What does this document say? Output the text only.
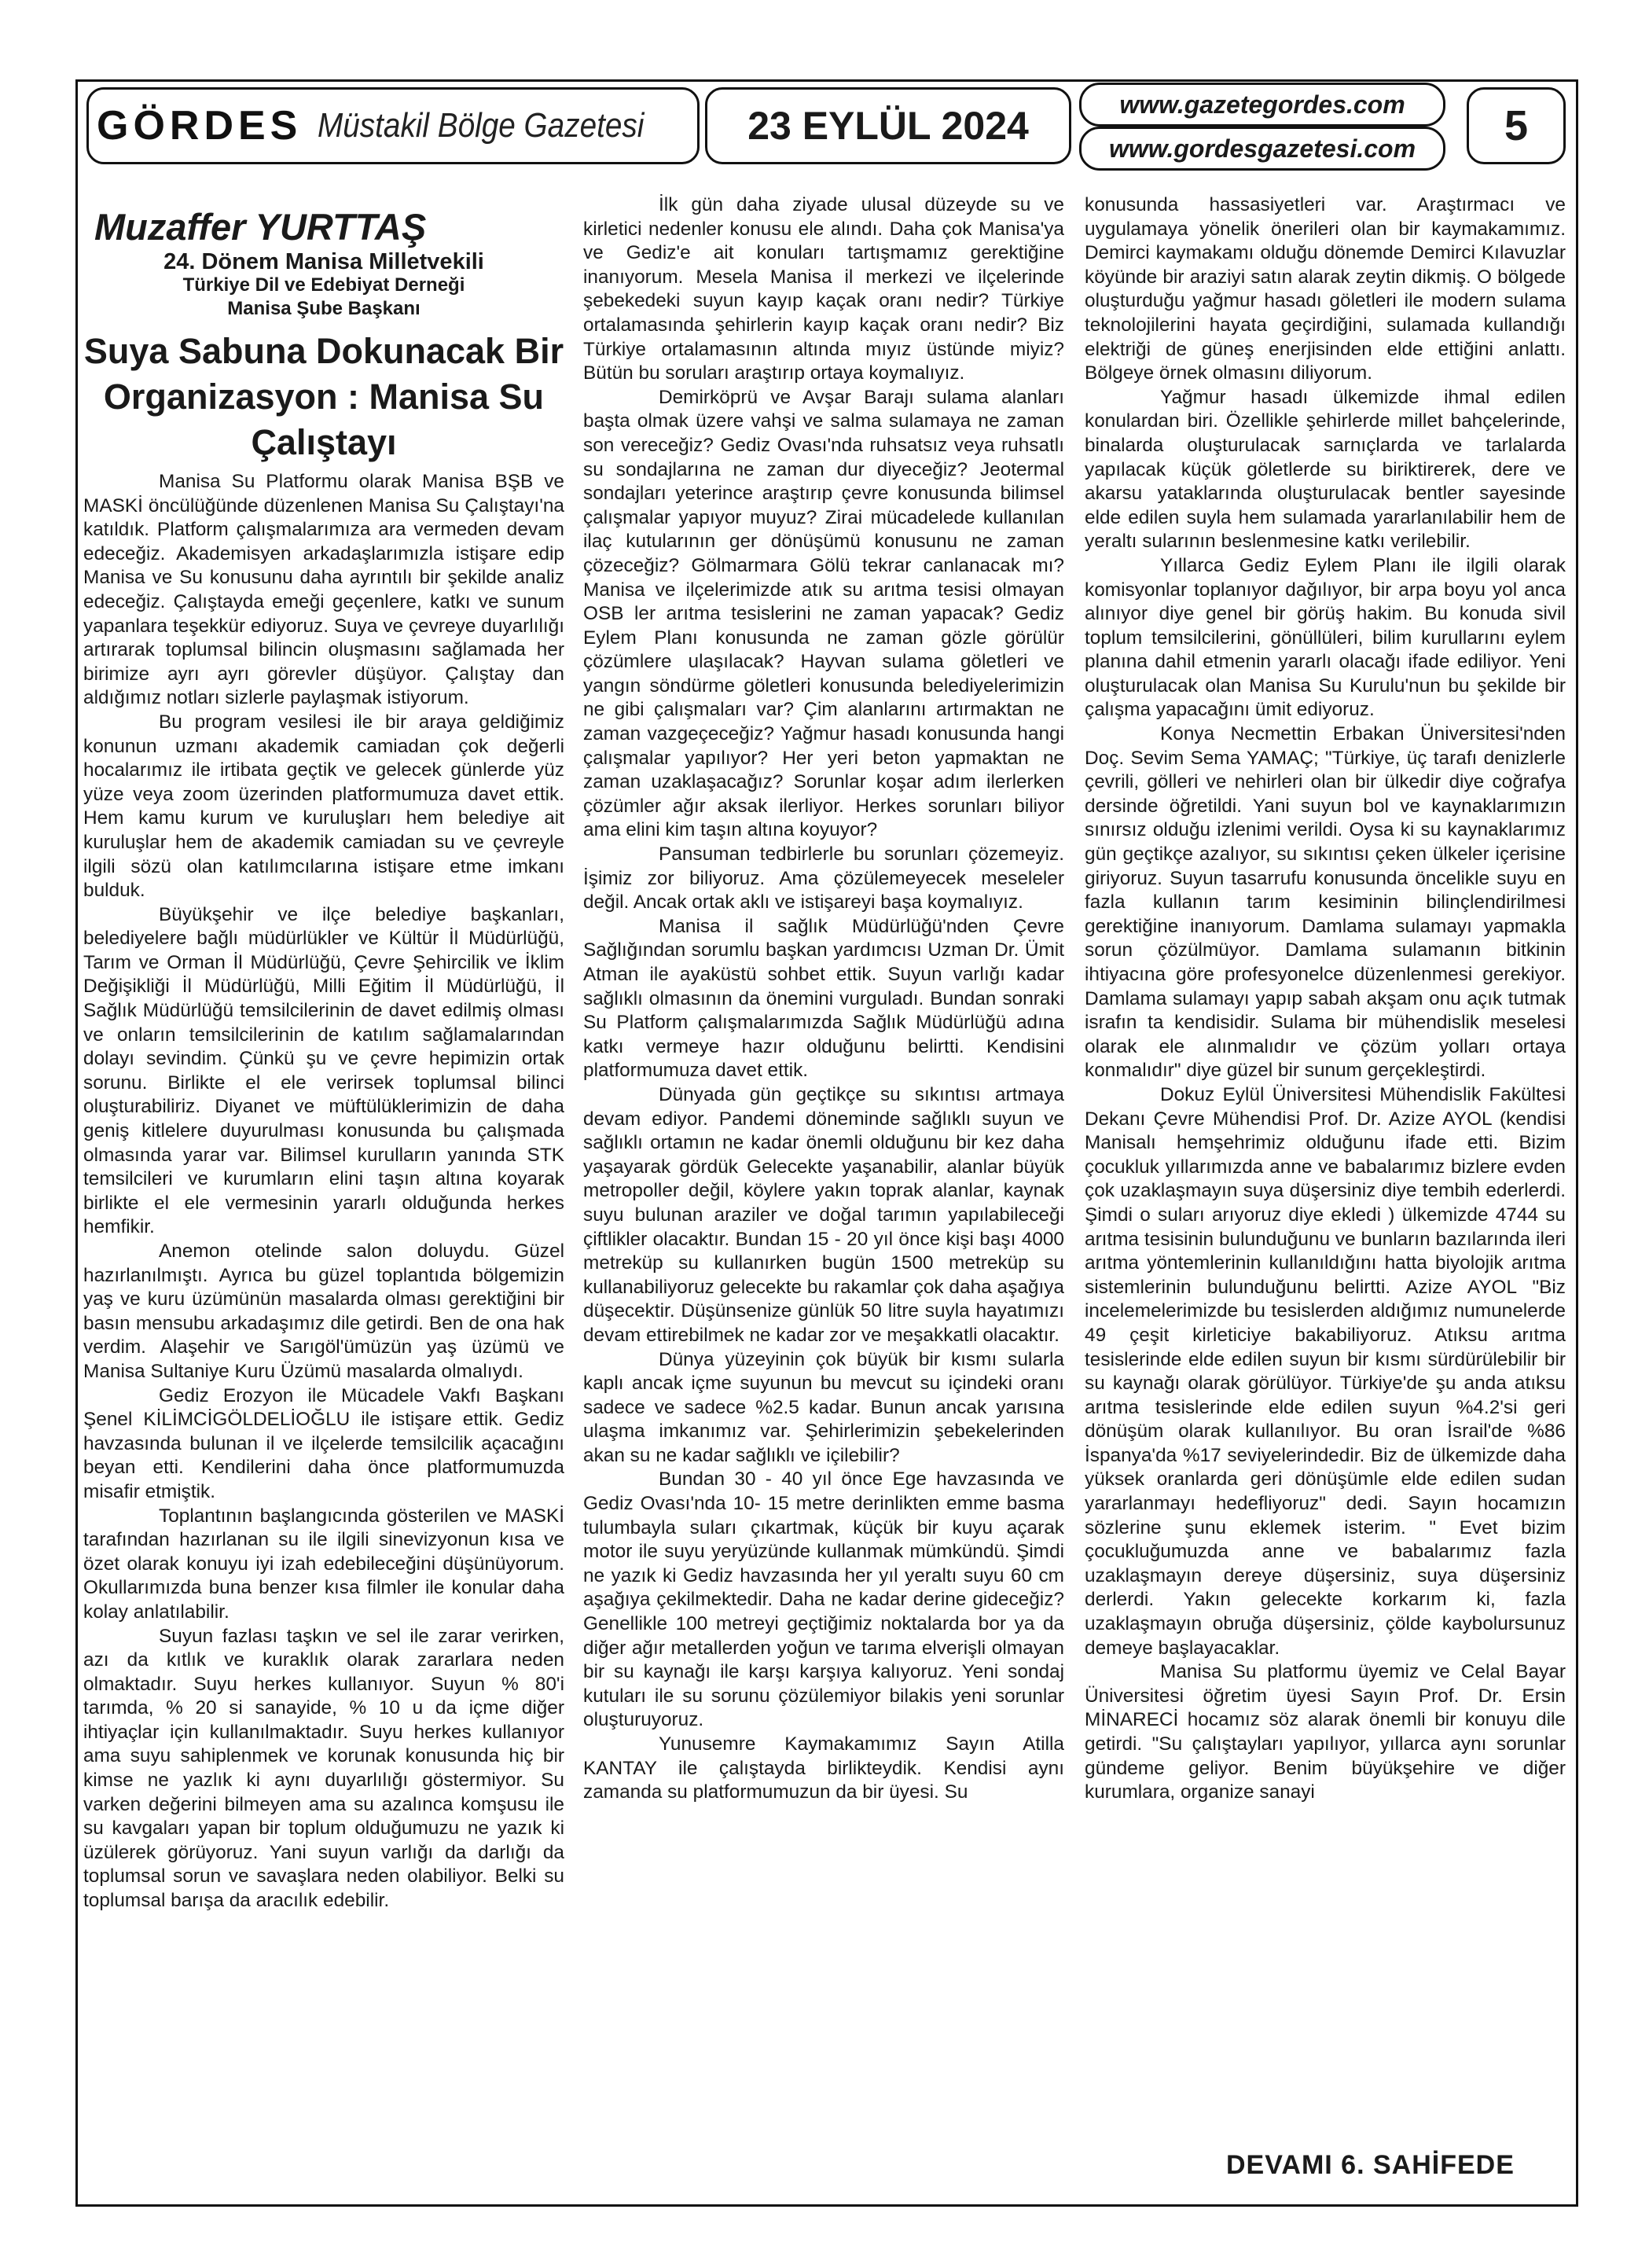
GÖRDES Müstakil Bölge Gazetesi	23 EYLÜL 2024	www.gazetegordes.com
www.gordesgazetesi.com	5
Muzaffer YURTTAŞ
24. Dönem Manisa Milletvekili
Türkiye Dil ve Edebiyat Derneği
Manisa Şube Başkanı
Suya Sabuna Dokunacak Bir Organizasyon : Manisa Su Çalıştayı

Manisa Su Platformu olarak Manisa BŞB ve MASKİ öncülüğünde düzenlenen Manisa Su Çalıştayı'na katıldık. Platform çalışmalarımıza ara vermeden devam edeceğiz. Akademisyen arkadaşlarımızla istişare edip Manisa ve Su konusunu daha ayrıntılı bir şekilde analiz edeceğiz. Çalıştayda emeği geçenlere, katkı ve sunum yapanlara teşekkür ediyoruz. Suya ve çevreye duyarlılığı artırarak toplumsal bilincin oluşmasını sağlamada her birimize ayrı ayrı görevler düşüyor. Çalıştay dan aldığımız notları sizlerle paylaşmak istiyorum.

Bu program vesilesi ile bir araya geldiğimiz konunun uzmanı akademik camiadan çok değerli hocalarımız ile irtibata geçtik ve gelecek günlerde yüz yüze veya zoom üzerinden platformumuza davet ettik. Hem kamu kurum ve kuruluşları hem belediye ait kuruluşlar hem de akademik camiadan su ve çevreyle ilgili sözü olan katılımcılarına istişare etme imkanı bulduk.

Büyükşehir ve ilçe belediye başkanları, belediyelere bağlı müdürlükler ve Kültür İl Müdürlüğü, Tarım ve Orman İl Müdürlüğü, Çevre Şehircilik ve İklim Değişikliği İl Müdürlüğü, Milli Eğitim İl Müdürlüğü, İl Sağlık Müdürlüğü temsilcilerinin de davet edilmiş olması ve onların temsilcilerinin de katılım sağlamalarından dolayı sevindim. Çünkü şu ve çevre hepimizin ortak sorunu. Birlikte el ele verirsek toplumsal bilinci oluşturabiliriz. Diyanet ve müftülüklerimizin de daha geniş kitlelere duyurulması konusunda bu çalışmada olmasında yarar var. Bilimsel kurulların yanında STK temsilcileri ve kurumların elini taşın altına koyarak birlikte el ele vermesinin yararlı olduğunda herkes hemfikir.

Anemon otelinde salon doluydu. Güzel hazırlanılmıştı. Ayrıca bu güzel toplantıda bölgemizin yaş ve kuru üzümünün masalarda olması gerektiğini bir basın mensubu arkadaşımız dile getirdi. Ben de ona hak verdim. Alaşehir ve Sarıgöl'ümüzün yaş üzümü ve Manisa Sultaniye Kuru Üzümü masalarda olmalıydı.

Gediz Erozyon ile Mücadele Vakfı Başkanı Şenel KİLİMCİGÖLDELİOĞLU ile istişare ettik. Gediz havzasında bulunan il ve ilçelerde temsilcilik açacağını beyan etti. Kendilerini daha önce platformumuzda misafir etmiştik.

Toplantının başlangıcında gösterilen ve MASKİ tarafından hazırlanan su ile ilgili sinevizyonun kısa ve özet olarak konuyu iyi izah edebileceğini düşünüyorum. Okullarımızda buna benzer kısa filmler ile konular daha kolay anlatılabilir.

Suyun fazlası taşkın ve sel ile zarar verirken, azı da kıtlık ve kuraklık olarak zararlara neden olmaktadır. Suyu herkes kullanıyor. Suyun % 80'i tarımda, % 20 si sanayide, % 10 u da içme diğer ihtiyaçlar için kullanılmaktadır. Suyu herkes kullanıyor ama suyu sahiplenmek ve korunak konusunda hiç bir kimse ne yazlık ki aynı duyarlılığı göstermiyor. Su varken değerini bilmeyen ama su azalınca komşusu ile su kavgaları yapan bir toplum olduğumuzu ne yazık ki üzülerek görüyoruz. Yani suyun varlığı da darlığı da toplumsal sorun ve savaşlara neden olabiliyor. Belki su toplumsal barışa da aracılık edebilir.

İlk gün daha ziyade ulusal düzeyde su ve kirletici nedenler konusu ele alındı. Daha çok Manisa'ya ve Gediz'e ait konuları tartışmamız gerektiğine inanıyorum. Mesela Manisa il merkezi ve ilçelerinde şebekedeki suyun kayıp kaçak oranı nedir? Türkiye ortalamasında şehirlerin kayıp kaçak oranı nedir? Biz Türkiye ortalamasının altında mıyız üstünde miyiz? Bütün bu soruları araştırıp ortaya koymalıyız.

Demirköprü ve Avşar Barajı sulama alanları başta olmak üzere vahşi ve salma sulamaya ne zaman son vereceğiz? Gediz Ovası'nda ruhsatsız veya ruhsatlı su sondajlarına ne zaman dur diyeceğiz? Jeotermal sondajları yeterince araştırıp çevre konusunda bilimsel çalışmalar yapıyor muyuz? Zirai mücadelede kullanılan ilaç kutularının ger dönüşümü konusunu ne zaman çözeceğiz? Gölmarmara Gölü tekrar canlanacak mı? Manisa ve ilçelerimizde atık su arıtma tesisi olmayan OSB ler arıtma tesislerini ne zaman yapacak? Gediz Eylem Planı konusunda ne zaman gözle görülür çözümlere ulaşılacak? Hayvan sulama göletleri ve yangın söndürme göletleri konusunda belediyelerimizin ne gibi çalışmaları var? Çim alanlarını artırmaktan ne zaman vazgeçeceğiz? Yağmur hasadı konusunda hangi çalışmalar yapılıyor? Her yeri beton yapmaktan ne zaman uzaklaşacağız? Sorunlar koşar adım ilerlerken çözümler ağır aksak ilerliyor. Herkes sorunları biliyor ama elini kim taşın altına koyuyor?

Pansuman tedbirlerle bu sorunları çözemeyiz. İşimiz zor biliyoruz. Ama çözülemeyecek meseleler değil. Ancak ortak aklı ve istişareyi başa koymalıyız.

Manisa il sağlık Müdürlüğü'nden Çevre Sağlığından sorumlu başkan yardımcısı Uzman Dr. Ümit Atman ile ayaküstü sohbet ettik. Suyun varlığı kadar sağlıklı olmasının da önemini vurguladı. Bundan sonraki Su Platform çalışmalarımızda Sağlık Müdürlüğü adına katkı vermeye hazır olduğunu belirtti. Kendisini platformumuza davet ettik.

Dünyada gün geçtikçe su sıkıntısı artmaya devam ediyor. Pandemi döneminde sağlıklı suyun ve sağlıklı ortamın ne kadar önemli olduğunu bir kez daha yaşayarak gördük Gelecekte yaşanabilir, alanlar büyük metropoller değil, köylere yakın toprak alanlar, kaynak suyu bulunan araziler ve doğal tarımın yapılabileceği çiftlikler olacaktır. Bundan 15 - 20 yıl önce kişi başı 4000 metreküp su kullanırken bugün 1500 metreküp su kullanabiliyoruz gelecekte bu rakamlar çok daha aşağıya düşecektir. Düşünsenize günlük 50 litre suyla hayatımızı devam ettirebilmek ne kadar zor ve meşakkatli olacaktır.

Dünya yüzeyinin çok büyük bir kısmı sularla kaplı ancak içme suyunun bu mevcut su içindeki oranı sadece ve sadece %2.5 kadar. Bunun ancak yarısına ulaşma imkanımız var. Şehirlerimizin şebekelerinden akan su ne kadar sağlıklı ve içilebilir?

Bundan 30 - 40 yıl önce Ege havzasında ve Gediz Ovası'nda 10- 15 metre derinlikten emme basma tulumbayla suları çıkartmak, küçük bir kuyu açarak motor ile suyu yeryüzünde kullanmak mümkündü. Şimdi ne yazık ki Gediz havzasında her yıl yeraltı suyu 60 cm aşağıya çekilmektedir. Daha ne kadar derine gideceğiz? Genellikle 100 metreyi geçtiğimiz noktalarda bor ya da diğer ağır metallerden yoğun ve tarıma elverişli olmayan bir su kaynağı ile karşı karşıya kalıyoruz. Yeni sondaj kutuları ile su sorunu çözülemiyor bilakis yeni sorunlar oluşturuyoruz.

Yunusemre Kaymakamımız Sayın Atilla KANTAY ile çalıştayda birlikteydik. Kendisi aynı zamanda su platformumuzun da bir üyesi. Su

konusunda hassasiyetleri var. Araştırmacı ve uygulamaya yönelik önerileri olan bir kaymakamımız. Demirci kaymakamı olduğu dönemde Demirci Kılavuzlar köyünde bir araziyi satın alarak zeytin dikmiş. O bölgede oluşturduğu yağmur hasadı göletleri ile modern sulama teknolojilerini hayata geçirdiğini, sulamada kullandığı elektriği de güneş enerjisinden elde ettiğini anlattı. Bölgeye örnek olmasını diliyorum.

Yağmur hasadı ülkemizde ihmal edilen konulardan biri. Özellikle şehirlerde millet bahçelerinde, binalarda oluşturulacak sarnıçlarda ve tarlalarda yapılacak küçük göletlerde su biriktirerek, dere ve akarsu yataklarında oluşturulacak bentler sayesinde elde edilen suyla hem sulamada yararlanılabilir hem de yeraltı sularının beslenmesine katkı verilebilir.

Yıllarca Gediz Eylem Planı ile ilgili olarak komisyonlar toplanıyor dağılıyor, bir arpa boyu yol anca alınıyor diye genel bir görüş hakim. Bu konuda sivil toplum temsilcilerini, gönüllüleri, bilim kurullarını eylem planına dahil etmenin yararlı olacağı ifade ediliyor. Yeni oluşturulacak olan Manisa Su Kurulu'nun bu şekilde bir çalışma yapacağını ümit ediyoruz.

Konya Necmettin Erbakan Üniversitesi'nden Doç. Sevim Sema YAMAÇ; "Türkiye, üç tarafı denizlerle çevrili, gölleri ve nehirleri olan bir ülkedir diye coğrafya dersinde öğretildi. Yani suyun bol ve kaynaklarımızın sınırsız olduğu izlenimi verildi. Oysa ki su kaynaklarımız gün geçtikçe azalıyor, su sıkıntısı çeken ülkeler içerisine giriyoruz. Suyun tasarrufu konusunda öncelikle suyu en fazla kullanın tarım kesiminin bilinçlendirilmesi gerektiğine inanıyorum. Damlama sulamayı yapmakla sorun çözülmüyor. Damlama sulamanın bitkinin ihtiyacına göre profesyonelce düzenlenmesi gerekiyor. Damlama sulamayı yapıp sabah akşam onu açık tutmak israfın ta kendisidir. Sulama bir mühendislik meselesi olarak ele alınmalıdır ve çözüm yolları ortaya konmalıdır" diye güzel bir sunum gerçekleştirdi.

Dokuz Eylül Üniversitesi Mühendislik Fakültesi Dekanı Çevre Mühendisi Prof. Dr. Azize AYOL (kendisi Manisalı hemşehrimiz olduğunu ifade etti. Bizim çocukluk yıllarımızda anne ve babalarımız bizlere evden çok uzaklaşmayın suya düşersiniz diye tembih ederlerdi. Şimdi o suları arıyoruz diye ekledi ) ülkemizde 4744 su arıtma tesisinin bulunduğunu ve bunların bazılarında ileri arıtma yöntemlerinin kullanıldığını hatta biyolojik arıtma sistemlerinin bulunduğunu belirtti. Azize AYOL "Biz incelemelerimizde bu tesislerden aldığımız numunelerde 49 çeşit kirleticiye bakabiliyoruz. Atıksu arıtma tesislerinde elde edilen suyun bir kısmı sürdürülebilir bir su kaynağı olarak görülüyor. Türkiye'de şu anda atıksu arıtma tesislerinde elde edilen suyun %4.2'si geri dönüşüm olarak kullanılıyor. Bu oran İsrail'de %86 İspanya'da %17 seviyelerindedir. Biz de ülkemizde daha yüksek oranlarda geri dönüşümle elde edilen sudan yararlanmayı hedefliyoruz" dedi. Sayın hocamızın sözlerine şunu eklemek isterim. " Evet bizim çocukluğumuzda anne ve babalarımız fazla uzaklaşmayın dereye düşersiniz, suya düşersiniz derlerdi. Yakın gelecekte korkarım ki, fazla uzaklaşmayın obruğa düşersiniz, çölde kaybolursunuz demeye başlayacaklar.

Manisa Su platformu üyemiz ve Celal Bayar Üniversitesi öğretim üyesi Sayın Prof. Dr. Ersin MİNARECİ hocamız söz alarak önemli bir konuyu dile getirdi. "Su çalıştayları yapılıyor, yıllarca aynı sorunlar gündeme geliyor. Benim büyükşehire ve diğer kurumlara, organize sanayi

DEVAMI 6. SAHİFEDE
